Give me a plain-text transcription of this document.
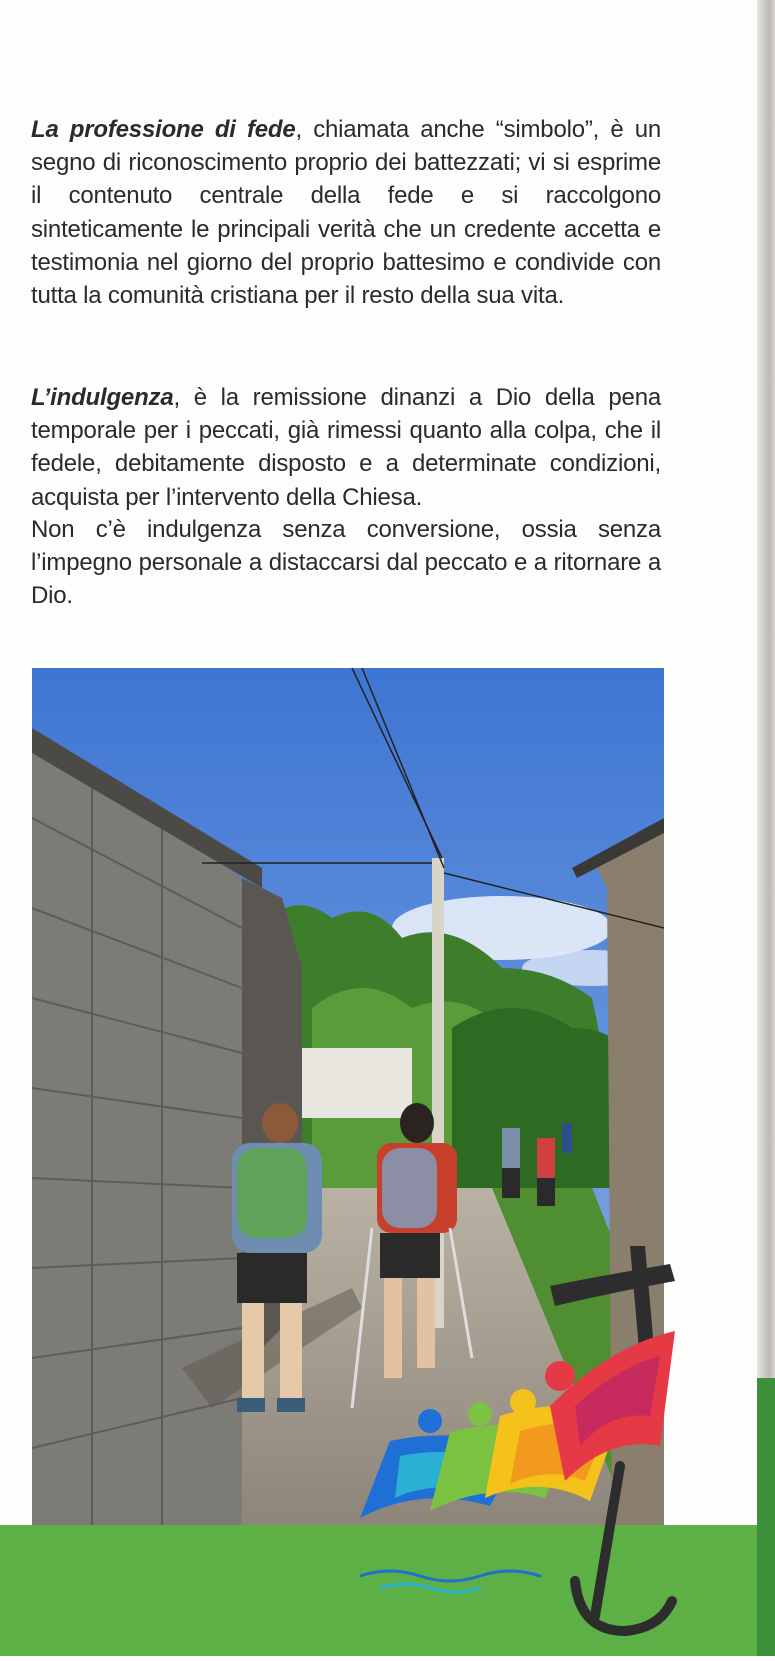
La professione di fede, chiamata anche “simbolo”, è un segno di riconoscimento proprio dei battezzati; vi si esprime il contenuto centrale della fede e si raccolgono sinteticamente le principali verità che un credente accetta e testimonia nel giorno del proprio battesimo e condivide con tutta la comunità cristiana per il resto della sua vita.

L’indulgenza, è la remissione dinanzi a Dio della pena temporale per i peccati, già rimessi quanto alla colpa, che il fedele, debitamente disposto e a determinate condizioni, acquista per l’intervento della Chiesa.

Non c’è indulgenza senza conversione, ossia senza l’impegno personale a distaccarsi dal peccato e a ritornare a Dio.
